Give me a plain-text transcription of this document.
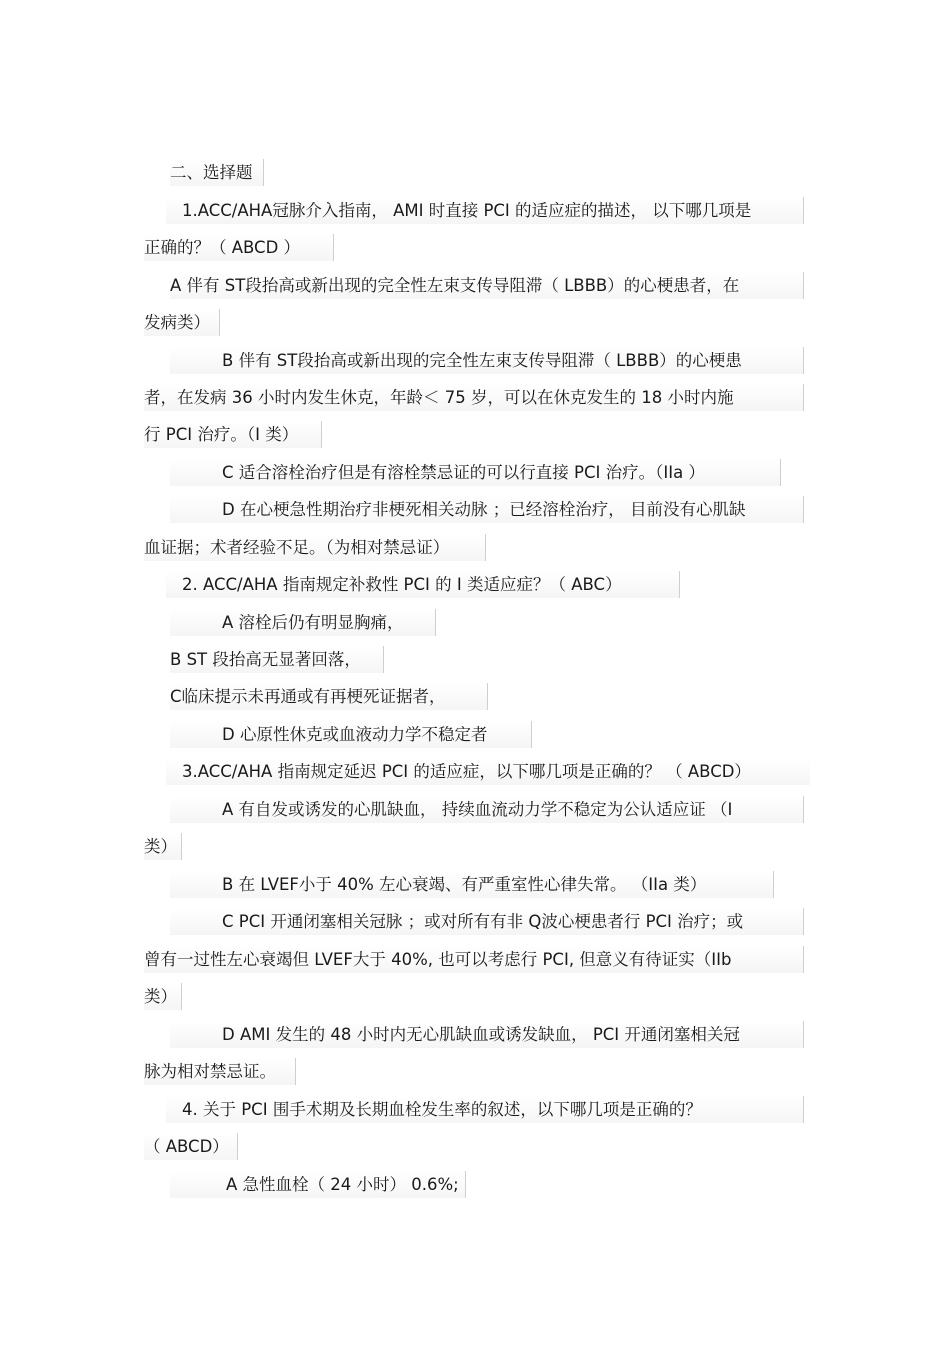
二、选择题
1.ACC/AHA冠脉介入指南， AMI 时直接 PCI 的适应症的描述， 以下哪几项是
正确的？（ ABCD ）
A 伴有 ST段抬高或新出现的完全性左束支传导阻滞（ LBBB）的心梗患者，在
发病类）
B 伴有 ST段抬高或新出现的完全性左束支传导阻滞（ LBBB）的心梗患
者，在发病 36 小时内发生休克，年龄＜ 75 岁，可以在休克发生的 18 小时内施
行 PCI 治疗。（I 类）
C 适合溶栓治疗但是有溶栓禁忌证的可以行直接 PCI 治疗。（IIa ）
D 在心梗急性期治疗非梗死相关动脉 ；已经溶栓治疗， 目前没有心肌缺
血证据；术者经验不足。（为相对禁忌证）
2. ACC/AHA 指南规定补救性 PCI 的 I 类适应症？（ ABC）
A 溶栓后仍有明显胸痛，
B ST 段抬高无显著回落，
C临床提示未再通或有再梗死证据者，
D 心原性休克或血液动力学不稳定者
3.ACC/AHA 指南规定延迟 PCI 的适应症，以下哪几项是正确的？ （ ABCD）
A 有自发或诱发的心肌缺血， 持续血流动力学不稳定为公认适应证 （I
类）
B 在 LVEF小于 40% 左心衰竭、有严重室性心律失常。 （IIa 类）
C PCI 开通闭塞相关冠脉 ；或对所有有非 Q波心梗患者行 PCI 治疗；或
曾有一过性左心衰竭但 LVEF大于 40%, 也可以考虑行 PCI, 但意义有待证实（IIb
类）
D AMI 发生的 48 小时内无心肌缺血或诱发缺血， PCI 开通闭塞相关冠
脉为相对禁忌证。
4. 关于 PCI 围手术期及长期血栓发生率的叙述，以下哪几项是正确的？
（ ABCD）
A 急性血栓（ 24 小时） 0.6%;
